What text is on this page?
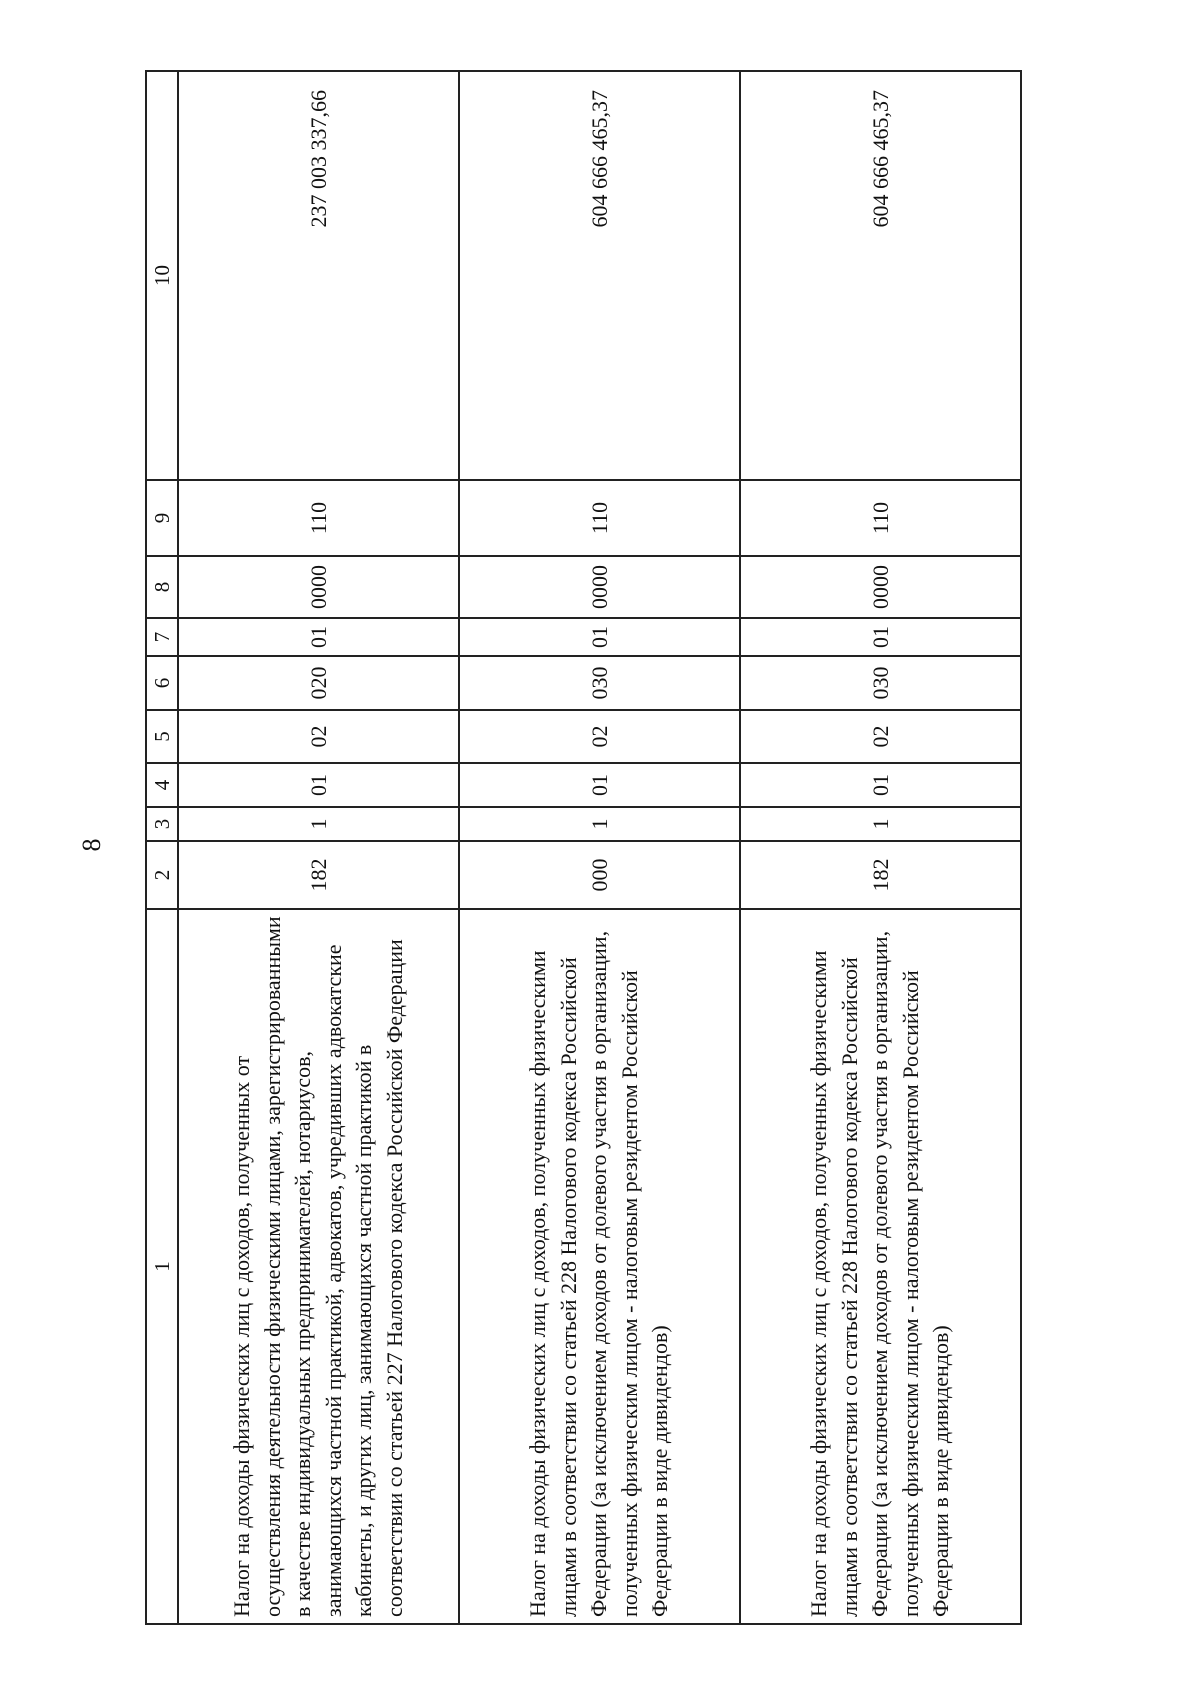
8
1	2	3	4	5	6	7	8	9	10
Налог на доходы физических лиц с доходов, полученных от осуществления деятельности физическими лицами, зарегистрированными в качестве индивидуальных предпринимателей, нотариусов, занимающихся частной практикой, адвокатов, учредивших адвокатские кабинеты, и других лиц, занимающихся частной практикой в соответствии со статьей 227 Налогового кодекса Российской Федерации	182	1	01	02	020	01	0000	110	237 003 337,66
Налог на доходы физических лиц с доходов, полученных физическими лицами в соответствии со статьей 228 Налогового кодекса Российской Федерации (за исключением доходов от долевого участия в организации, полученных физическим лицом - налоговым резидентом Российской Федерации в виде дивидендов)	000	1	01	02	030	01	0000	110	604 666 465,37
Налог на доходы физических лиц с доходов, полученных физическими лицами в соответствии со статьей 228 Налогового кодекса Российской Федерации (за исключением доходов от долевого участия в организации, полученных физическим лицом - налоговым резидентом Российской Федерации в виде дивидендов)	182	1	01	02	030	01	0000	110	604 666 465,37
